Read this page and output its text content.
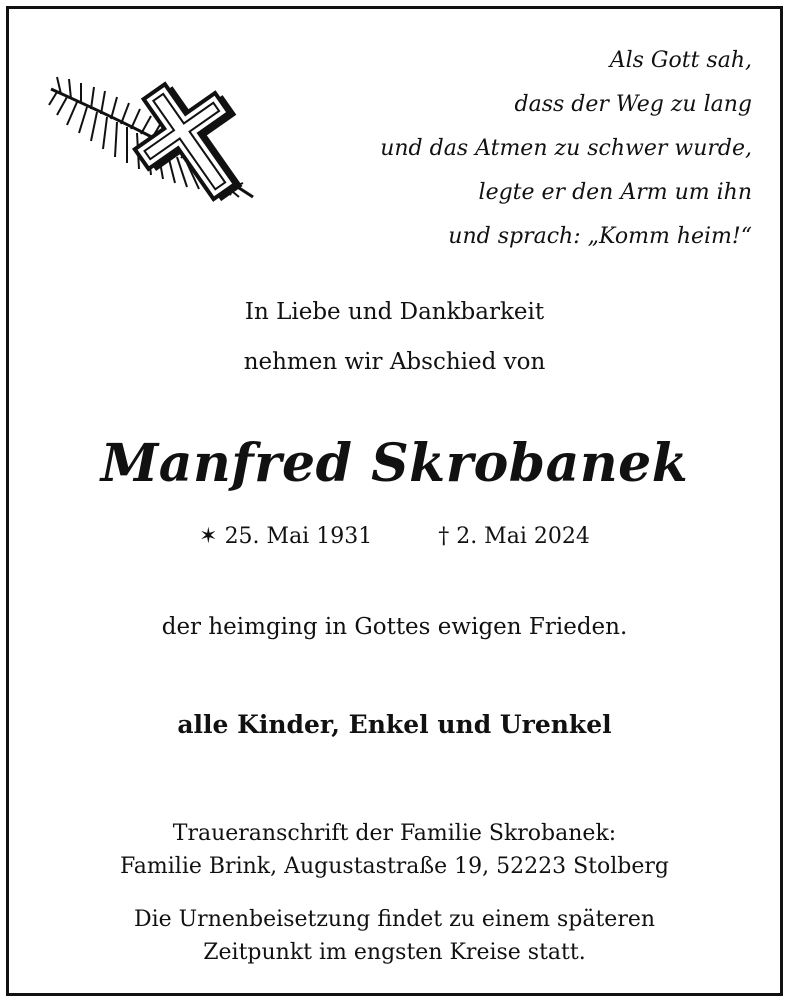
Als Gott sah,
dass der Weg zu lang
und das Atmen zu schwer wurde,
legte er den Arm um ihn
und sprach: „Komm heim!“
In Liebe und Dankbarkeit
nehmen wir Abschied von
Manfred Skrobanek
✶ 25. Mai 1931	† 2. Mai 2024
der heimging in Gottes ewigen Frieden.
alle Kinder, Enkel und Urenkel
Traueranschrift der Familie Skrobanek:
Familie Brink, Augustastraße 19, 52223 Stolberg
Die Urnenbeisetzung findet zu einem späteren
Zeitpunkt im engsten Kreise statt.
